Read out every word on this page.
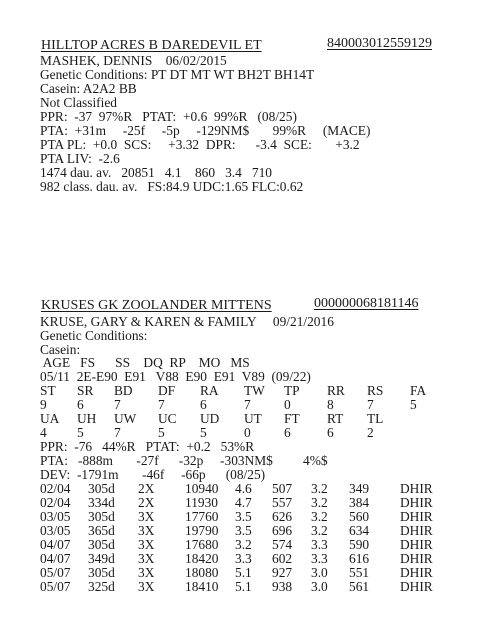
HILLTOP ACRES B DAREDEVIL ET	840003012559129
MASHEK, DENNIS    06/02/2015
Genetic Conditions: PT DT MT WT BH2T BH14T
Casein: A2A2 BB
Not Classified
PPR:  -37  97%R   PTAT:  +0.6  99%R   (08/25)
PTA:  +31m     -25f     -5p     -129NM$       99%R     (MACE)
PTA PL:  +0.0  SCS:     +3.32  DPR:      -3.4  SCE:       +3.2
PTA LIV:  -2.6
1474 dau. av.   20851   4.1    860   3.4   710
982 class. dau. av.   FS:84.9 UDC:1.65 FLC:0.62
KRUSES GK ZOOLANDER MITTENS	000000068181146
KRUSE, GARY & KAREN & FAMILY     09/21/2016
Genetic Conditions:
Casein:
AGE   FS      SS    DQ  RP    MO   MS
05/11  2E-E90  E91   V88  E90  E91  V89  (09/22)
ST SR BD DF RA TW TP RR RS FA
9 6 7	7	6	7 0	8 7	5
UA UH UW UC UD UT FT RT TL
4 5 7	5	5	0 6	6 2
PPR:  -76   44%R   PTAT:  +0.2   53%R
PTA:   -888m       -27f      -32p     -303NM$         4%$
DEV:  -1791m       -46f     -66p      (08/25)
02/04 305d 2X 10940 4.6 507 3.2 349 DHIR
02/04 334d 2X 11930 4.7 557 3.2 384 DHIR
03/05 305d 3X 17760 3.5 626 3.2 560 DHIR
03/05 365d 3X 19790 3.5 696 3.2 634 DHIR
04/07 305d 3X 17680 3.2 574 3.3 590 DHIR
04/07 349d 3X 18420 3.3 602 3.3 616 DHIR
05/07 305d 3X 18080 5.1 927 3.0 551 DHIR
05/07 325d 3X 18410 5.1 938 3.0 561 DHIR
